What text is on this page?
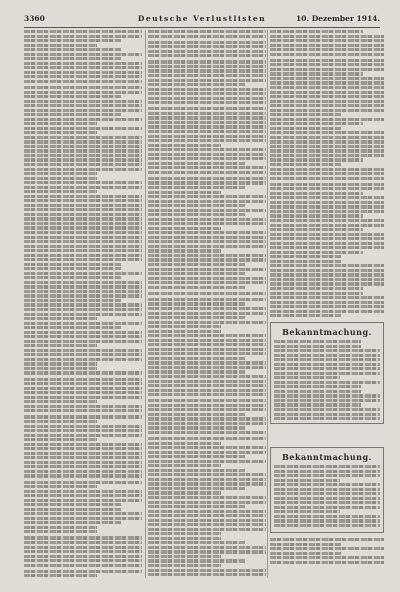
3360	Deutsche Verlustlisten	10. Dezember 1914.
Bekanntmachung.
Bekanntmachung.
